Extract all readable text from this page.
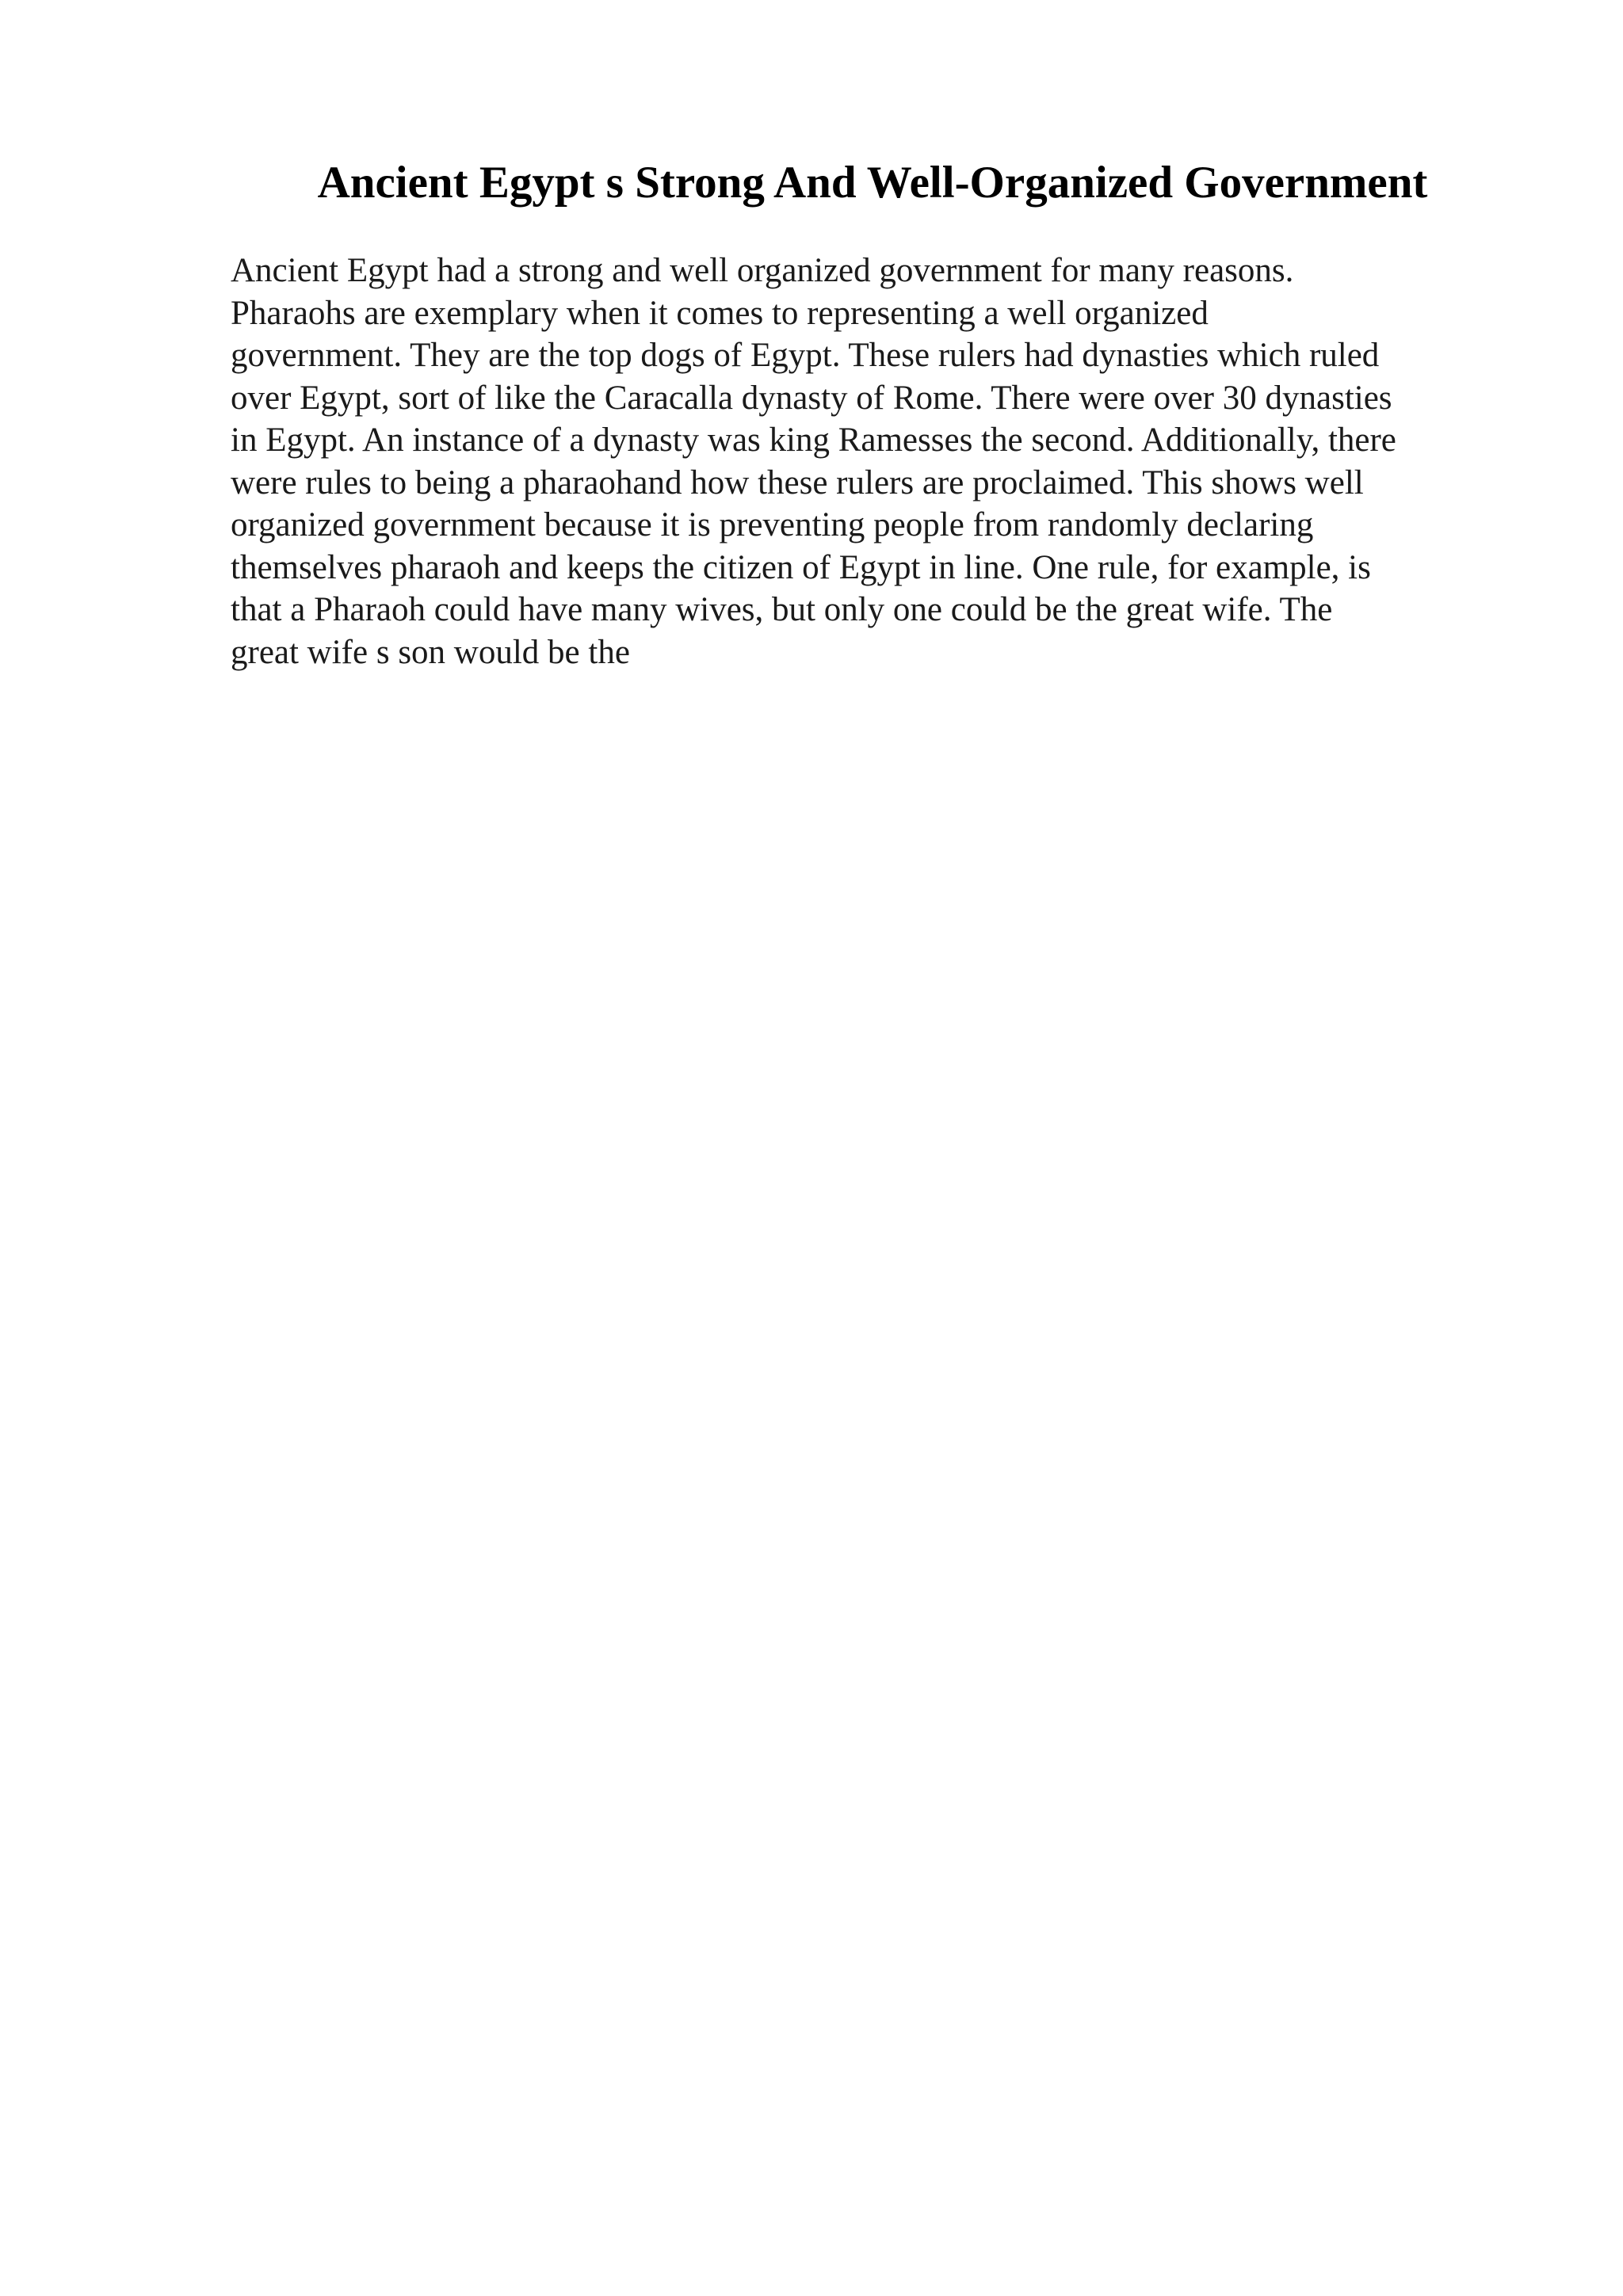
Ancient Egypt s Strong And Well-Organized Government
Ancient Egypt had a strong and well organized government for many reasons.
Pharaohs are exemplary when it comes to representing a well organized
government. They are the top dogs of Egypt. These rulers had dynasties which ruled
over Egypt, sort of like the Caracalla dynasty of Rome. There were over 30 dynasties
in Egypt. An instance of a dynasty was king Ramesses the second. Additionally, there
were rules to being a pharaohand how these rulers are proclaimed. This shows well
organized government because it is preventing people from randomly declaring
themselves pharaoh and keeps the citizen of Egypt in line. One rule, for example, is
that a Pharaoh could have many wives, but only one could be the great wife. The
great wife s son would be the
